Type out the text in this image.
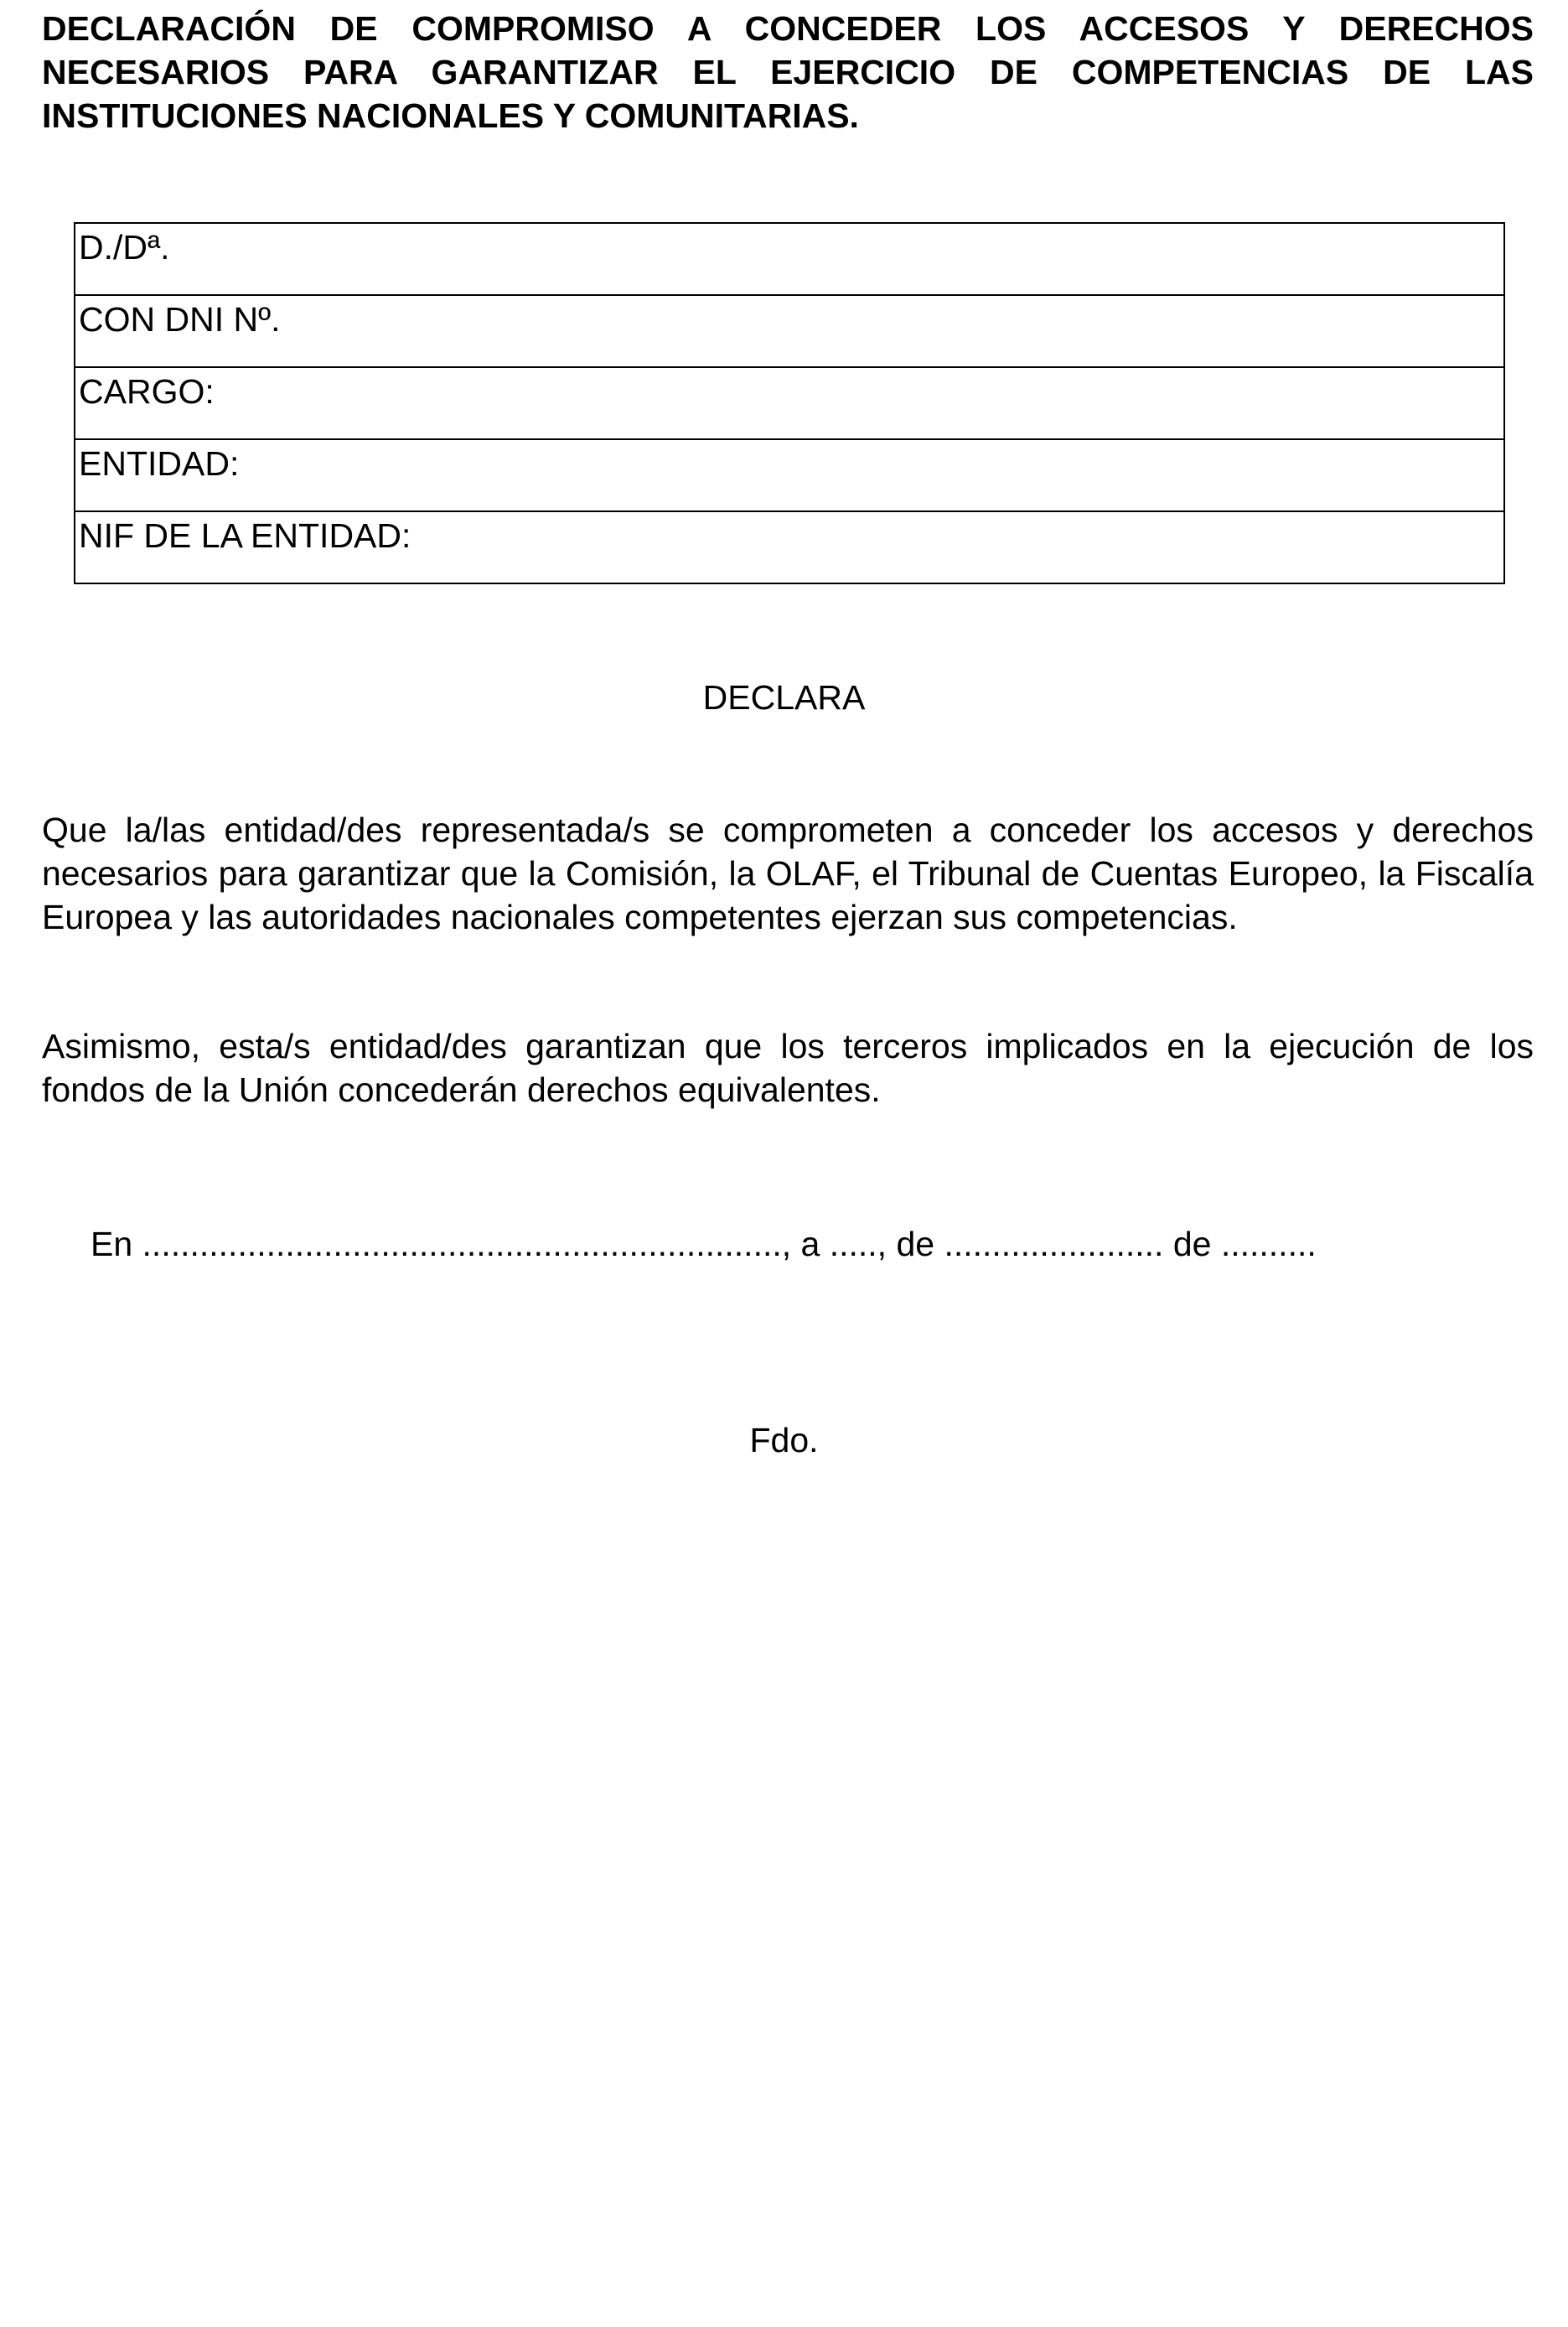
DECLARACIÓN DE COMPROMISO A CONCEDER LOS ACCESOS Y DERECHOS NECESARIOS PARA GARANTIZAR EL EJERCICIO DE COMPETENCIAS DE LAS INSTITUCIONES NACIONALES Y COMUNITARIAS.

D./Dª.
CON DNI Nº.
CARGO:
ENTIDAD:
NIF DE LA ENTIDAD:
DECLARA

Que la/las entidad/des representada/s se comprometen a conceder los accesos y derechos necesarios para garantizar que la Comisión, la OLAF, el Tribunal de Cuentas Europeo, la Fiscalía Europea y las autoridades nacionales competentes ejerzan sus competencias.

Asimismo, esta/s entidad/des garantizan que los terceros implicados en la ejecución de los fondos de la Unión concederán derechos equivalentes.

En ..................................................................., a ....., de ....................... de ..........
Fdo.
